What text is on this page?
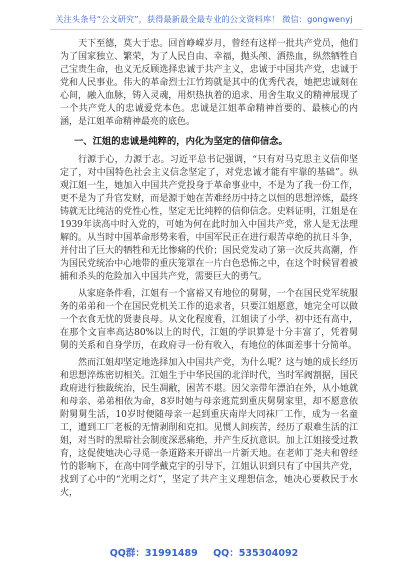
关注头条号“公文研究”，获得最新最全最专业的公文资料库！ 微信：gongwenyj

天下至德，莫大于忠。回首峥嵘岁月，曾经有这样一批共产党员，他们为了国家独立、繁荣，为了人民自由、幸福，抛头颅、洒热血，纵然牺牲自己宝贵生命，也义无反顾选择忠诚于共产主义，忠诚于中国共产党，忠诚于党和人民事业。伟大的革命烈士江竹筠就是其中的优秀代表，她把忠诚刻在心间，融入血脉，铸入灵魂，用炽热执着的追求、用舍生取义的精神展现了一个共产党人的忠诚爱党本色。忠诚是江姐革命精神首要的、最核心的内涵，是江姐革命精神最亮的底色。

一、江姐的忠诚是纯粹的，内化为坚定的信仰信念。

行源于心，力源于志。习近平总书记强调，“只有对马克思主义信仰坚定了，对中国特色社会主义信念坚定了，对党忠诚才能有牢靠的基础”。纵观江姐一生，她加入中国共产党投身于革命事业中，不是为了我一份工作，更不是为了升官发财，而是源于她在苦难经历中持之以恒的思想淬炼，最终铸就无比纯洁的党性心性，坚定无比纯粹的信仰信念。史料证明，江姐是在1939年读高中时入党的，可她为何在此时加入中国共产党，常人是无法理解的。从当时中国革命形势来看，中国军民正在进行艰苦卓绝的抗日斗争，并付出了巨大的牺牲和无比惨痛的代价；国民党发动了第一次反共高潮，作为国民党统治中心地带的重庆笼罩在一片白色恐怖之中，在这个时候冒着被捕和杀头的危险加入中国共产党，需要巨大的勇气。

从家庭条件看，江姐有一个富裕又有地位的舅舅，一个在国民党军统服务的弟弟和一个在国民党机关工作的追求者，只要江姐愿意，她完全可以做一个衣食无忧的贤妻良母。从文化程度看，江姐读了小学、初中还有高中，在那个文盲率高达80%以上的时代，江姐的学识算是十分丰富了，凭着舅舅的关系和自身学历，在政府寻一份有收入，有地位的体面差事十分简单。

然而江姐却坚定地选择加入中国共产党，为什么呢？这与她的成长经历和思想淬炼密切相关。江姐生于中华民国的北洋时代，当时军阀割据，国民政府进行独裁统治，民生凋敝，困苦不堪。因父亲带年漂泊在外，从小她就和母亲、弟弟相依为命，8岁时她与母亲逃荒到重庆舅舅家里，却不愿意依附舅舅生活，10岁时便随母亲一起到重庆南岸大同袜厂工作，成为一名童工，遭到工厂老板的无情剥削和克扣。见惯人间疾苦，经历了艰难生活的江姐，对当时的黑暗社会制度深恶痛绝，并产生反抗意识。加上江姐接受过教育，这促使她决心寻觅一条道路来开辟出一片新天地。在老师丁尧夫和曾经竹的影响下，在高中同学戴克宇的引导下，江姐认识到只有了中国共产党，找到了心中的“光明之灯”，坚定了共产主义理想信念，她决心要救民于水火，

QQ群：31991489 QQ：535304092
